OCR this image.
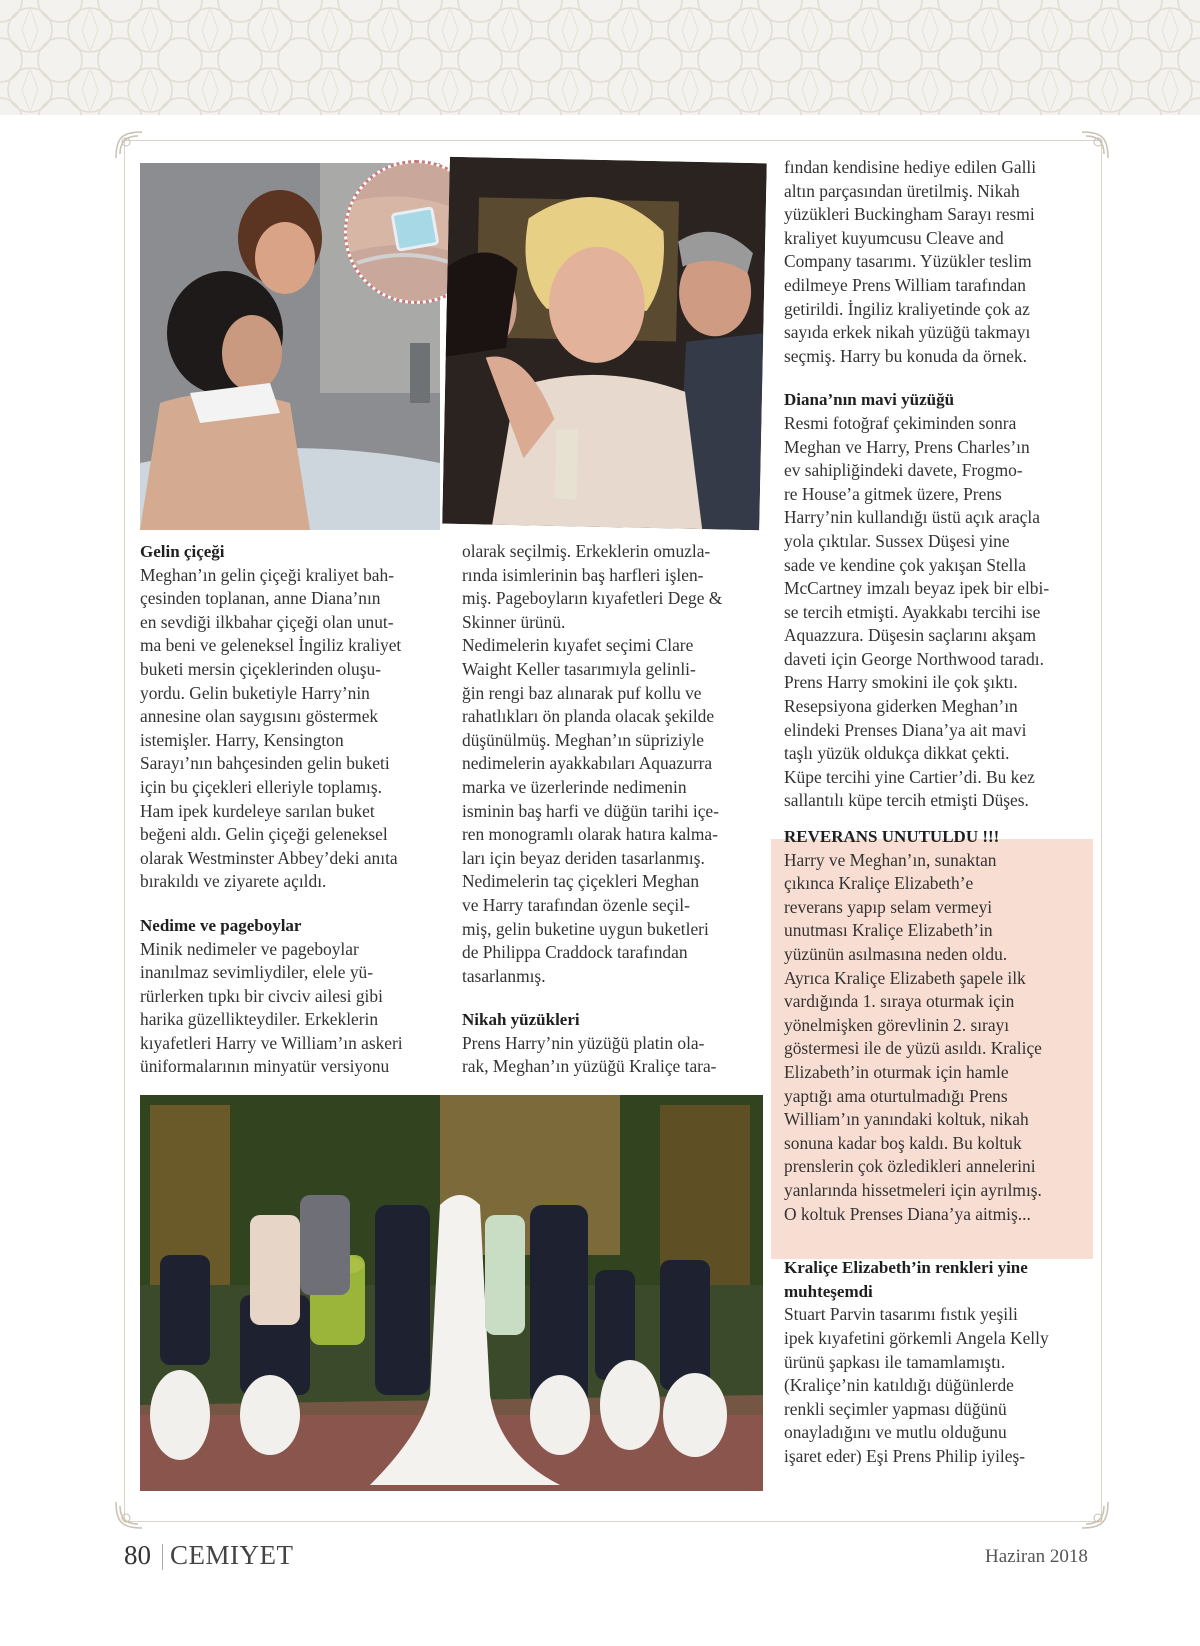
Gelin çiçeği

Meghan’ın gelin çiçeği kraliyet bah-

çesinden toplanan, anne Diana’nın

en sevdiği ilkbahar çiçeği olan unut-

ma beni ve geleneksel İngiliz kraliyet

buketi mersin çiçeklerinden oluşu-

yordu. Gelin buketiyle Harry’nin

annesine olan saygısını göstermek

istemişler. Harry, Kensington

Sarayı’nın bahçesinden gelin buketi

için bu çiçekleri elleriyle toplamış.

Ham ipek kurdeleye sarılan buket

beğeni aldı. Gelin çiçeği geleneksel

olarak Westminster Abbey’deki anıta

bırakıldı ve ziyarete açıldı.

Nedime ve pageboylar

Minik nedimeler ve pageboylar

inanılmaz sevimliydiler, elele yü-

rürlerken tıpkı bir civciv ailesi gibi

harika güzellikteydiler. Erkeklerin

kıyafetleri Harry ve William’ın askeri

üniformalarının minyatür versiyonu

olarak seçilmiş. Erkeklerin omuzla-

rında isimlerinin baş harfleri işlen-

miş. Pageboyların kıyafetleri Dege &

Skinner ürünü.

Nedimelerin kıyafet seçimi Clare

Waight Keller tasarımıyla gelinli-

ğin rengi baz alınarak puf kollu ve

rahatlıkları ön planda olacak şekilde

düşünülmüş. Meghan’ın süpriziyle

nedimelerin ayakkabıları Aquazurra

marka ve üzerlerinde nedimenin

isminin baş harfi ve düğün tarihi içe-

ren monogramlı olarak hatıra kalma-

ları için beyaz deriden tasarlanmış.

Nedimelerin taç çiçekleri Meghan

ve Harry tarafından özenle seçil-

miş, gelin buketine uygun buketleri

de Philippa Craddock tarafından

tasarlanmış.

Nikah yüzükleri

Prens Harry’nin yüzüğü platin ola-

rak, Meghan’ın yüzüğü Kraliçe tara-

fından kendisine hediye edilen Galli

altın parçasından üretilmiş. Nikah

yüzükleri Buckingham Sarayı resmi

kraliyet kuyumcusu Cleave and

Company tasarımı. Yüzükler teslim

edilmeye Prens William tarafından

getirildi. İngiliz kraliyetinde çok az

sayıda erkek nikah yüzüğü takmayı

seçmiş. Harry bu konuda da örnek.

Diana’nın mavi yüzüğü

Resmi fotoğraf çekiminden sonra

Meghan ve Harry, Prens Charles’ın

ev sahipliğindeki davete, Frogmo-

re House’a gitmek üzere, Prens

Harry’nin kullandığı üstü açık araçla

yola çıktılar. Sussex Düşesi yine

sade ve kendine çok yakışan Stella

McCartney imzalı beyaz ipek bir elbi-

se tercih etmişti. Ayakkabı tercihi ise

Aquazzura. Düşesin saçlarını akşam

daveti için George Northwood taradı.

Prens Harry smokini ile çok şıktı.

Resepsiyona giderken Meghan’ın

elindeki Prenses Diana’ya ait mavi

taşlı yüzük oldukça dikkat çekti.

Küpe tercihi yine Cartier’di. Bu kez

sallantılı küpe tercih etmişti Düşes.

REVERANS UNUTULDU !!!

Harry ve Meghan’ın, sunaktan

çıkınca Kraliçe Elizabeth’e

reverans yapıp selam vermeyi

unutması Kraliçe Elizabeth’in

yüzünün asılmasına neden oldu.

Ayrıca Kraliçe Elizabeth şapele ilk

vardığında 1. sıraya oturmak için

yönelmişken görevlinin 2. sırayı

göstermesi ile de yüzü asıldı. Kraliçe

Elizabeth’in oturmak için hamle

yaptığı ama oturtulmadığı Prens

William’ın yanındaki koltuk, nikah

sonuna kadar boş kaldı. Bu koltuk

prenslerin çok özledikleri annelerini

yanlarında hissetmeleri için ayrılmış.

O koltuk Prenses Diana’ya aitmiş...

Kraliçe Elizabeth’in renkleri yine
muhteşemdi

Stuart Parvin tasarımı fıstık yeşili

ipek kıyafetini görkemli Angela Kelly

ürünü şapkası ile tamamlamıştı.

(Kraliçe’nin katıldığı düğünlerde

renkli seçimler yapması düğünü

onayladığını ve mutlu olduğunu

işaret eder) Eşi Prens Philip iyileş-

80 CEMIYET	Haziran 2018
